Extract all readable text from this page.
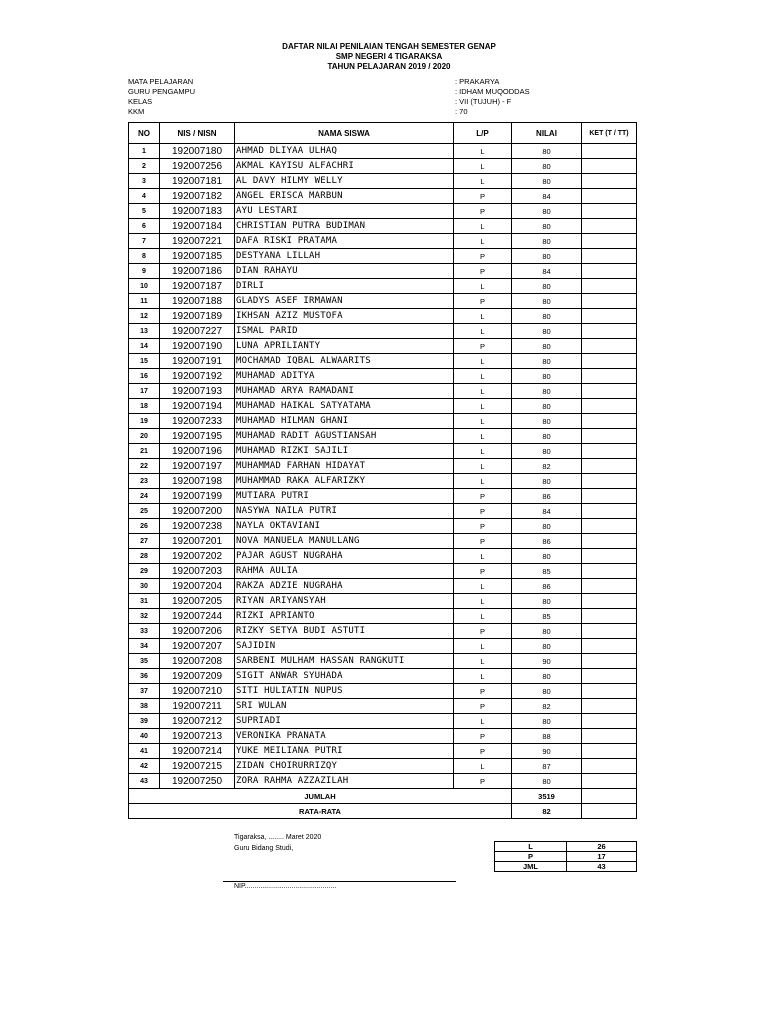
DAFTAR NILAI PENILAIAN TENGAH SEMESTER GENAP
SMP NEGERI 4 TIGARAKSA
TAHUN PELAJARAN 2019 / 2020
MATA PELAJARAN	: PRAKARYA
GURU PENGAMPU	: IDHAM MUQODDAS
KELAS	: VII (TUJUH) - F
KKM	: 70
NO	NIS / NISN	NAMA SISWA	L/P	NILAI	KET (T / TT)
1	192007180	AHMAD DLIYAA ULHAQ	L	80	
2	192007256	AKMAL KAYISU ALFACHRI	L	80	
3	192007181	AL DAVY HILMY WELLY	L	80	
4	192007182	ANGEL ERISCA MARBUN	P	84	
5	192007183	AYU LESTARI	P	80	
6	192007184	CHRISTIAN PUTRA BUDIMAN	L	80	
7	192007221	DAFA RISKI PRATAMA	L	80	
8	192007185	DESTYANA LILLAH	P	80	
9	192007186	DIAN RAHAYU	P	84	
10	192007187	DIRLI	L	80	
11	192007188	GLADYS ASEF IRMAWAN	P	80	
12	192007189	IKHSAN AZIZ MUSTOFA	L	80	
13	192007227	ISMAL PARID	L	80	
14	192007190	LUNA APRILIANTY	P	80	
15	192007191	MOCHAMAD IQBAL ALWAARITS	L	80	
16	192007192	MUHAMAD ADITYA	L	80	
17	192007193	MUHAMAD ARYA RAMADANI	L	80	
18	192007194	MUHAMAD HAIKAL SATYATAMA	L	80	
19	192007233	MUHAMAD HILMAN GHANI	L	80	
20	192007195	MUHAMAD RADIT AGUSTIANSAH	L	80	
21	192007196	MUHAMAD RIZKI SAJILI	L	80	
22	192007197	MUHAMMAD FARHAN HIDAYAT	L	82	
23	192007198	MUHAMMAD RAKA ALFARIZKY	L	80	
24	192007199	MUTIARA PUTRI	P	86	
25	192007200	NASYWA NAILA PUTRI	P	84	
26	192007238	NAYLA OKTAVIANI	P	80	
27	192007201	NOVA MANUELA MANULLANG	P	86	
28	192007202	PAJAR AGUST NUGRAHA	L	80	
29	192007203	RAHMA AULIA	P	85	
30	192007204	RAKZA ADZIE NUGRAHA	L	86	
31	192007205	RIYAN ARIYANSYAH	L	80	
32	192007244	RIZKI APRIANTO	L	85	
33	192007206	RIZKY SETYA BUDI ASTUTI	P	80	
34	192007207	SAJIDIN	L	80	
35	192007208	SARBENI MULHAM HASSAN RANGKUTI	L	90	
36	192007209	SIGIT ANWAR SYUHADA	L	80	
37	192007210	SITI HULIATIN NUPUS	P	80	
38	192007211	SRI WULAN	P	82	
39	192007212	SUPRIADI	L	80	
40	192007213	VERONIKA PRANATA	P	88	
41	192007214	YUKE MEILIANA PUTRI	P	90	
42	192007215	ZIDAN CHOIRURRIZQY	L	87	
43	192007250	ZORA RAHMA AZZAZILAH	P	80	
JUMLAH				3519	
RATA-RATA				82	
Tigaraksa, ........ Maret 2020
Guru Bidang Studi,
NIP...............................................
L	26
P	17
JML	43
